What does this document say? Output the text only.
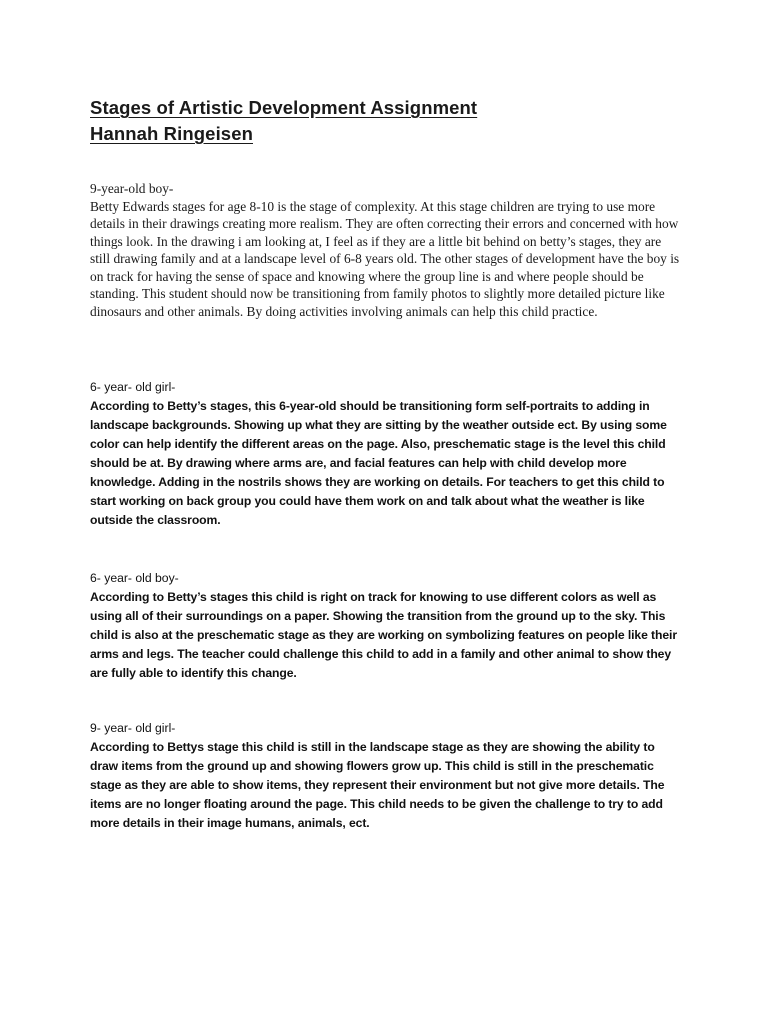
Stages of Artistic Development Assignment
Hannah Ringeisen

9-year-old boy-

Betty Edwards stages for age 8-10 is the stage of complexity. At this stage children are trying to use more details in their drawings creating more realism. They are often correcting their errors and concerned with how things look. In the drawing i am looking at, I feel as if they are a little bit behind on betty’s stages, they are still drawing family and at a landscape level of 6-8 years old. The other stages of development have the boy is on track for having the sense of space and knowing where the group line is and where people should be standing. This student should now be transitioning from family photos to slightly more detailed picture like dinosaurs and other animals. By doing activities involving animals can help this child practice.

6- year- old girl-

According to Betty’s stages, this 6-year-old should be transitioning form self-portraits to adding in landscape backgrounds. Showing up what they are sitting by the weather outside ect. By using some color can help identify the different areas on the page. Also, preschematic stage is the level this child should be at. By drawing where arms are, and facial features can help with child develop more knowledge. Adding in the nostrils shows they are working on details. For teachers to get this child to start working on back group you could have them work on and talk about what the weather is like outside the classroom.

6- year- old boy-

According to Betty’s stages this child is right on track for knowing to use different colors as well as using all of their surroundings on a paper. Showing the transition from the ground up to the sky. This child is also at the preschematic stage as they are working on symbolizing features on people like their arms and legs. The teacher could challenge this child to add in a family and other animal to show they are fully able to identify this change.

9- year- old girl-

According to Bettys stage this child is still in the landscape stage as they are showing the ability to draw items from the ground up and showing flowers grow up. This child is still in the preschematic stage as they are able to show items, they represent their environment but not give more details. The items are no longer floating around the page. This child needs to be given the challenge to try to add more details in their image humans, animals, ect.
